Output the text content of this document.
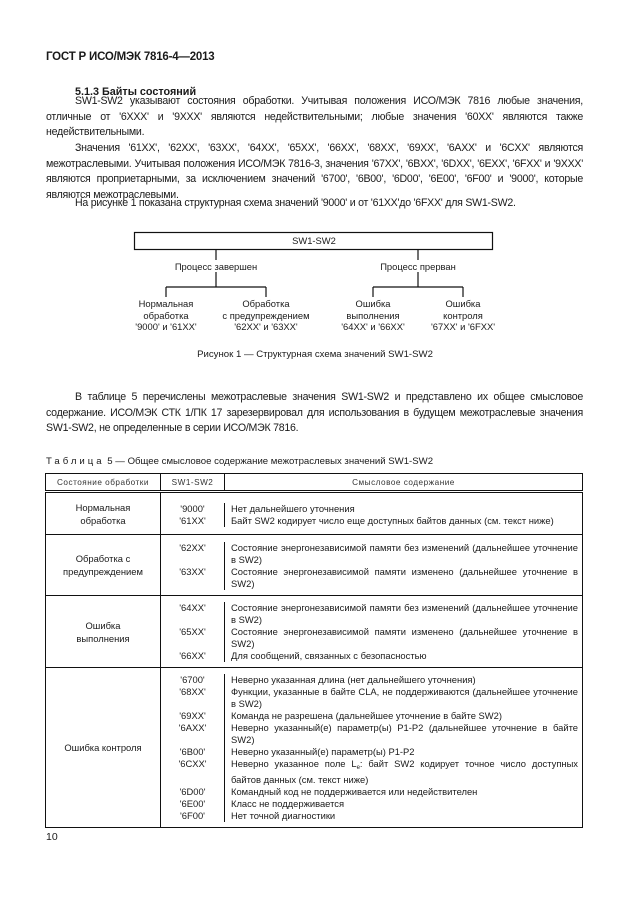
ГОСТ Р ИСО/МЭК 7816-4—2013
5.1.3 Байты состояний
SW1-SW2 указывают состояния обработки. Учитывая положения ИСО/МЭК 7816 любые значения, отличные от '6XXX' и '9XXX' являются недействительными; любые значения '60XX' являются также недействительными.
Значения '61XX', '62XX', '63XX', '64XX', '65XX', '66XX', '68XX', '69XX', '6AXX' и '6CXX' являются межотраслевыми. Учитывая положения ИСО/МЭК 7816-3, значения '67XX', '6BXX', '6DXX', '6EXX', '6FXX' и '9XXX' являются проприетарными, за исключением значений '6700', '6B00', '6D00', '6E00', '6F00' и '9000', которые являются межотраслевыми.
На рисунке 1 показана структурная схема значений '9000' и от '61XX'до '6FXX' для SW1-SW2.
SW1-SW2
Процесс завершен	Процесс прерван
Нормальная
обработка
'9000' и '61XX'
Обработка
с предупреждением
'62XX' и '63XX'
Ошибка
выполнения
'64XX' и '66XX'
Ошибка
контроля
'67XX' и '6FXX'
Рисунок 1 — Структурная схема значений SW1-SW2
В таблице 5 перечислены межотраслевые значения SW1-SW2 и представлено их общее смысловое содержание. ИСО/МЭК СТК 1/ПК 17 зарезервировал для использования в будущем межотраслевые значения SW1-SW2, не определенные в серии ИСО/МЭК 7816.
Таблица 5 — Общее смысловое содержание межотраслевых значений SW1-SW2
Состояние обработки	SW1-SW2	Смысловое содержание

Нормальная обработка	'9000' Нет дальнейшего уточнения
'61XX' Байт SW2 кодирует число еще доступных байтов данных (см. текст ниже)	

Обработка с предупреждением	'62XX' Состояние энергонезависимой памяти без изменений (дальнейшее уточнение в SW2)
'63XX' Состояние энергонезависимой памяти изменено (дальнейшее уточнение в SW2)	

Ошибка выполнения

'64XX'	Состояние энергонезависимой памяти без изменений (дальнейшее уточнение в SW2)
'65XX'	Состояние энергонезависимой памяти изменено (дальнейшее уточнение в SW2)
'66XX'	Для сообщений, связанных с безопасностью

Ошибка контроля	
'6700'	Неверно указанная длина (нет дальнейшего уточнения)
'68XX'	Функции, указанные в байте CLA, не поддерживаются (дальнейшее уточнение в SW2)
'69XX'	Команда не разрешена (дальнейшее уточнение в байте SW2)
'6AXX'	Неверно указанный(е) параметр(ы) P1-P2 (дальнейшее уточнение в байте SW2)
'6B00'	Неверно указанный(е) параметр(ы) P1-P2
'6CXX'	Неверно указанное поле $L_e$: байт SW2 кодирует точное число доступных байтов данных (см. текст ниже)
'6D00'	Командный код не поддерживается или недействителен
'6E00'	Класс не поддерживается
'6F00'	Нет точной диагностики
10
